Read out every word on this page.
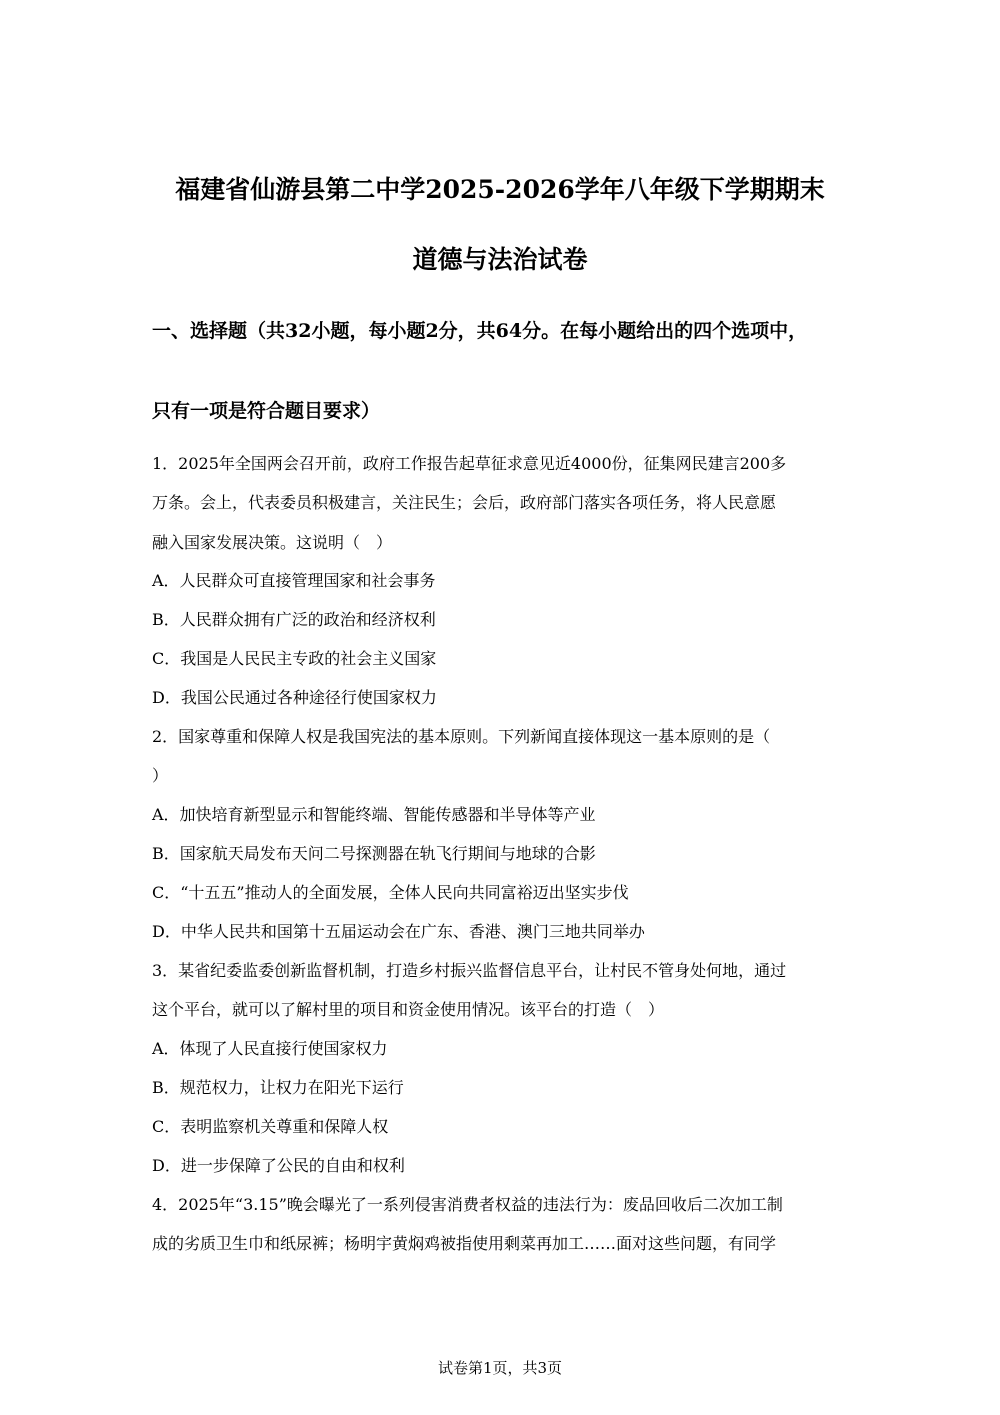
福建省仙游县第二中学2025-2026学年八年级下学期期末
道德与法治试卷
一、选择题（共32小题，每小题2分，共64分。在每小题给出的四个选项中，
只有一项是符合题目要求）
1．2025年全国两会召开前，政府工作报告起草征求意见近4000份，征集网民建言200多
万条。会上，代表委员积极建言，关注民生；会后，政府部门落实各项任务，将人民意愿
融入国家发展决策。这说明（　）
A．人民群众可直接管理国家和社会事务
B．人民群众拥有广泛的政治和经济权利
C．我国是人民民主专政的社会主义国家
D．我国公民通过各种途径行使国家权力
2．国家尊重和保障人权是我国宪法的基本原则。下列新闻直接体现这一基本原则的是（
）
A．加快培育新型显示和智能终端、智能传感器和半导体等产业
B．国家航天局发布天问二号探测器在轨飞行期间与地球的合影
C．“十五五”推动人的全面发展，全体人民向共同富裕迈出坚实步伐
D．中华人民共和国第十五届运动会在广东、香港、澳门三地共同举办
3．某省纪委监委创新监督机制，打造乡村振兴监督信息平台，让村民不管身处何地，通过
这个平台，就可以了解村里的项目和资金使用情况。该平台的打造（　）
A．体现了人民直接行使国家权力
B．规范权力，让权力在阳光下运行
C．表明监察机关尊重和保障人权
D．进一步保障了公民的自由和权利
4．2025年“3.15”晚会曝光了一系列侵害消费者权益的违法行为：废品回收后二次加工制
成的劣质卫生巾和纸尿裤；杨明宇黄焖鸡被指使用剩菜再加工……面对这些问题，有同学
试卷第1页，共3页
